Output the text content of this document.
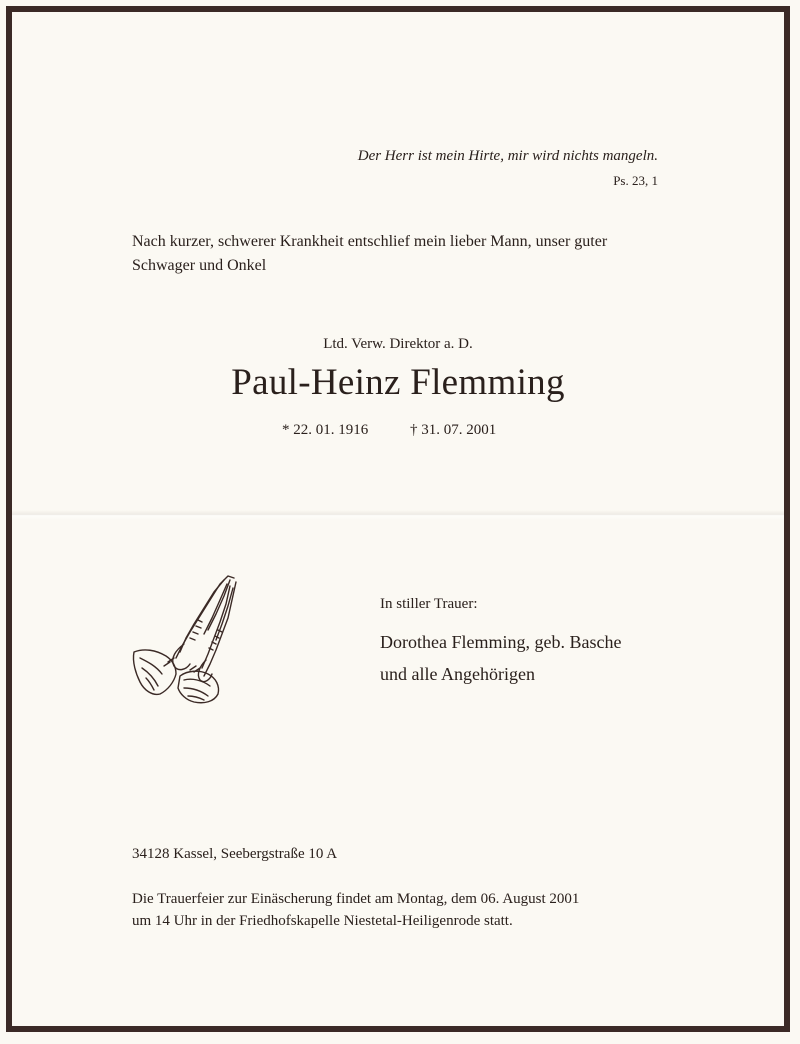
Der Herr ist mein Hirte, mir wird nichts mangeln.
Ps. 23, 1
Nach kurzer, schwerer Krankheit entschlief mein lieber Mann, unser guter
Schwager und Onkel
Ltd. Verw. Direktor a. D.
Paul-Heinz Flemming
* 22. 01. 1916	† 31. 07. 2001
In stiller Trauer:
Dorothea Flemming, geb. Basche
und alle Angehörigen
34128 Kassel, Seebergstraße 10 A
Die Trauerfeier zur Einäscherung findet am Montag, dem 06. August 2001
um 14 Uhr in der Friedhofskapelle Niestetal-Heiligenrode statt.
